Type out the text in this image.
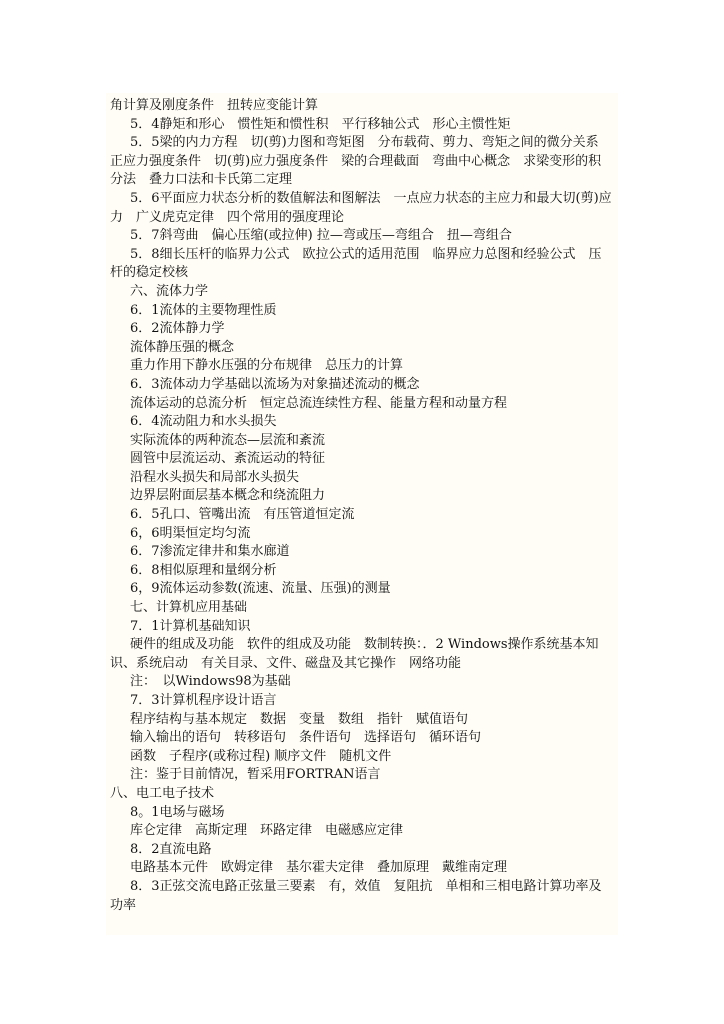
角计算及刚度条件　扭转应变能计算

5．4静矩和形心　惯性矩和惯性积　平行移轴公式　形心主惯性矩

5．5梁的内力方程　切(剪)力图和弯矩图　分布载荷、剪力、弯矩之间的微分关系　正应力强度条件　切(剪)应力强度条件　梁的合理截面　弯曲中心概念　求梁变形的积分法　叠力口法和卡氏第二定理

5．6平面应力状态分析的数值解法和图解法　一点应力状态的主应力和最大切(剪)应力　广义虎克定律　四个常用的强度理论

5．7斜弯曲　偏心压缩(或拉伸) 拉—弯或压—弯组合　扭—弯组合

5．8细长压杆的临界力公式　欧拉公式的适用范围　临界应力总图和经验公式　压杆的稳定校核

六、流体力学

6．1流体的主要物理性质

6．2流体静力学

流体静压强的概念

重力作用下静水压强的分布规律　总压力的计算

6．3流体动力学基础以流场为对象描述流动的概念

流体运动的总流分析　恒定总流连续性方程、能量方程和动量方程

6．4流动阻力和水头损失

实际流体的两种流态—层流和紊流

圆管中层流运动、紊流运动的特征

沿程水头损失和局部水头损失

边界层附面层基本概念和绕流阻力

6．5孔口、管嘴出流　有压管道恒定流

6，6明渠恒定均匀流

6．7渗流定律井和集水廊道

6．8相似原理和量纲分析

6，9流体运动参数(流速、流量、压强)的测量

七、计算机应用基础

7．1计算机基础知识

硬件的组成及功能　软件的组成及功能　数制转换：．2 Windows操作系统基本知识、系统启动　有关目录、文件、磁盘及其它操作　网络功能

注：　以Windows98为基础

7．3计算机程序设计语言

程序结构与基本规定　数据　变量　数组　指针　赋值语句

输入输出的语句　转移语句　条件语句　选择语句　循环语句

函数　子程序(或称过程) 顺序文件　随机文件

注：鉴于目前情况，暂采用FORTRAN语言

八、电工电子技术

8。1电场与磁场

库仑定律　高斯定理　环路定律　电磁感应定律

8．2直流电路

电路基本元件　欧姆定律　基尔霍夫定律　叠加原理　戴维南定理

8．3正弦交流电路正弦量三要素　有，效值　复阻抗　单相和三相电路计算功率及功率
